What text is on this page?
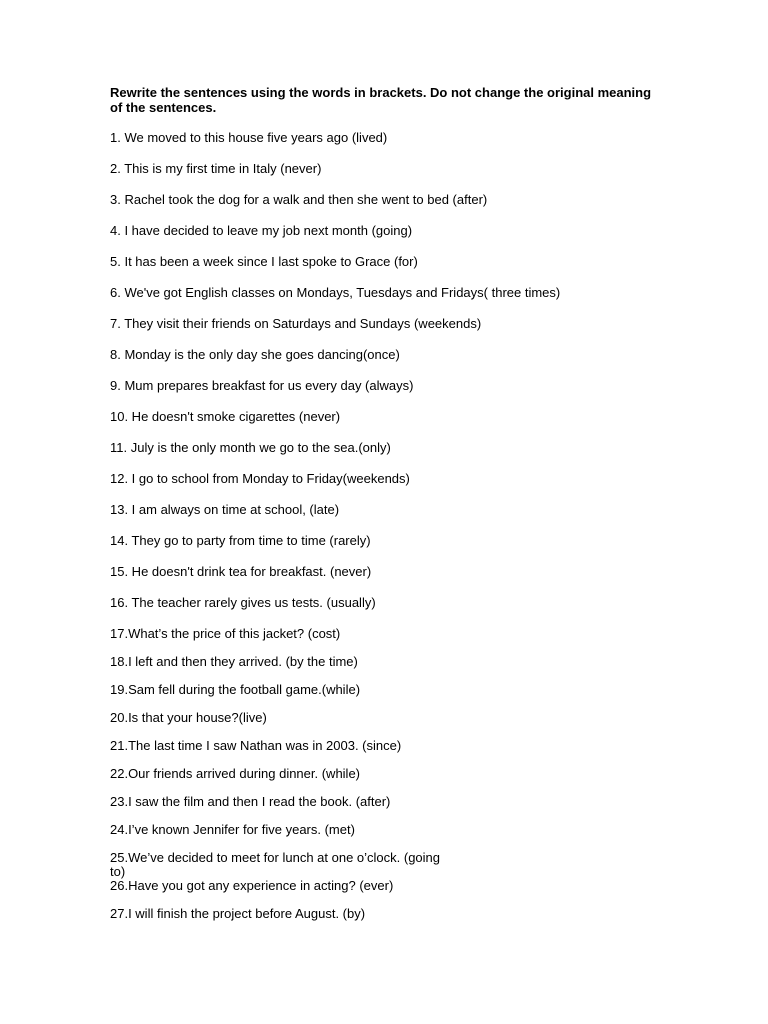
Rewrite the sentences using the words in brackets. Do not change the original meaning of the sentences.

1. We moved to this house five years ago (lived)

2. This is my first time in Italy (never)

3. Rachel took the dog for a walk and then she went to bed (after)

4. I have decided to leave my job next month (going)

5. It has been a week since I last spoke to Grace (for)

6. We've got English classes on Mondays, Tuesdays and Fridays( three times)

7. They visit their friends on Saturdays and Sundays (weekends)

8. Monday is the only day she goes dancing(once)

9. Mum prepares breakfast for us every day (always)

10. He doesn't smoke cigarettes (never)

11. July is the only month we go to the sea.(only)

12. I go to school from Monday to Friday(weekends)

13. I am always on time at school, (late)

14. They go to party from time to time (rarely)

15. He doesn't drink tea for breakfast. (never)

16. The teacher rarely gives us tests. (usually)

17.What’s the price of this jacket? (cost)

18.I left and then they arrived. (by the time)

19.Sam fell during the football game.(while)

20.Is that your house?(live)

21.The last time I saw Nathan was in 2003. (since)

22.Our friends arrived during dinner. (while)

23.I saw the film and then I read the book. (after)

24.I’ve known Jennifer for five years. (met)

25.We’ve decided to meet for lunch at one o’clock. (going to)

26.Have you got any experience in acting? (ever)

27.I will finish the project before August. (by)
